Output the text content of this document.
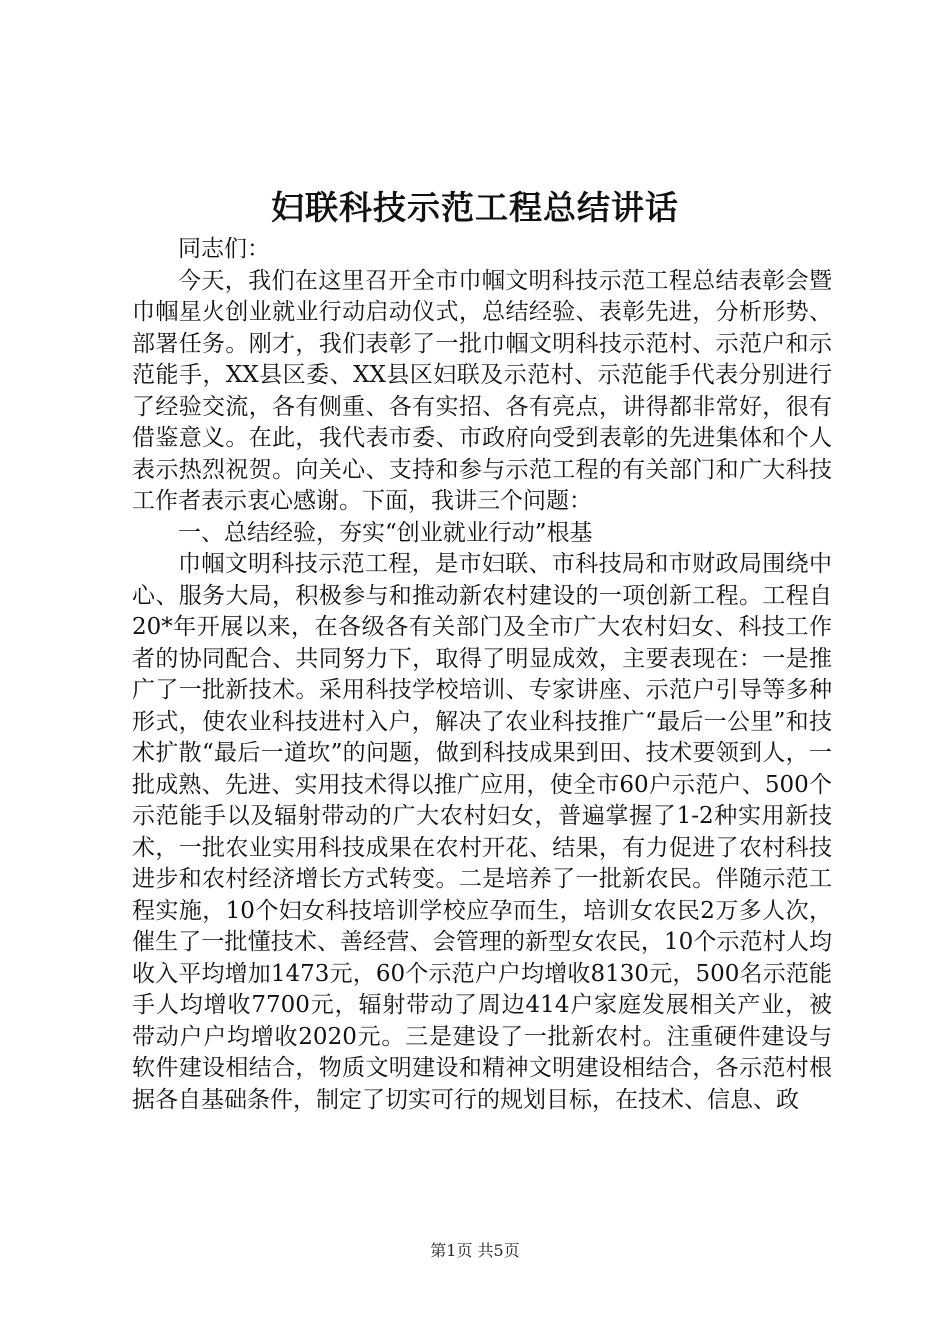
妇联科技示范工程总结讲话

同志们：

今天，我们在这里召开全市巾帼文明科技示范工程总结表彰会暨巾帼星火创业就业行动启动仪式，总结经验、表彰先进，分析形势、部署任务。刚才，我们表彰了一批巾帼文明科技示范村、示范户和示范能手，XX县区委、XX县区妇联及示范村、示范能手代表分别进行了经验交流，各有侧重、各有实招、各有亮点，讲得都非常好，很有借鉴意义。在此，我代表市委、市政府向受到表彰的先进集体和个人表示热烈祝贺。向关心、支持和参与示范工程的有关部门和广大科技工作者表示衷心感谢。下面，我讲三个问题：

一、总结经验，夯实“创业就业行动”根基

巾帼文明科技示范工程，是市妇联、市科技局和市财政局围绕中心、服务大局，积极参与和推动新农村建设的一项创新工程。工程自20*年开展以来，在各级各有关部门及全市广大农村妇女、科技工作者的协同配合、共同努力下，取得了明显成效，主要表现在：一是推广了一批新技术。采用科技学校培训、专家讲座、示范户引导等多种形式，使农业科技进村入户，解决了农业科技推广“最后一公里”和技术扩散“最后一道坎”的问题，做到科技成果到田、技术要领到人，一批成熟、先进、实用技术得以推广应用，使全市60户示范户、500个示范能手以及辐射带动的广大农村妇女，普遍掌握了1-2种实用新技术，一批农业实用科技成果在农村开花、结果，有力促进了农村科技进步和农村经济增长方式转变。二是培养了一批新农民。伴随示范工程实施，10个妇女科技培训学校应孕而生，培训女农民2万多人次，催生了一批懂技术、善经营、会管理的新型女农民，10个示范村人均收入平均增加1473元，60个示范户户均增收8130元，500名示范能手人均增收7700元，辐射带动了周边414户家庭发展相关产业，被带动户户均增收2020元。三是建设了一批新农村。注重硬件建设与软件建设相结合，物质文明建设和精神文明建设相结合，各示范村根据各自基础条件，制定了切实可行的规划目标，在技术、信息、政

第1页 共5页
